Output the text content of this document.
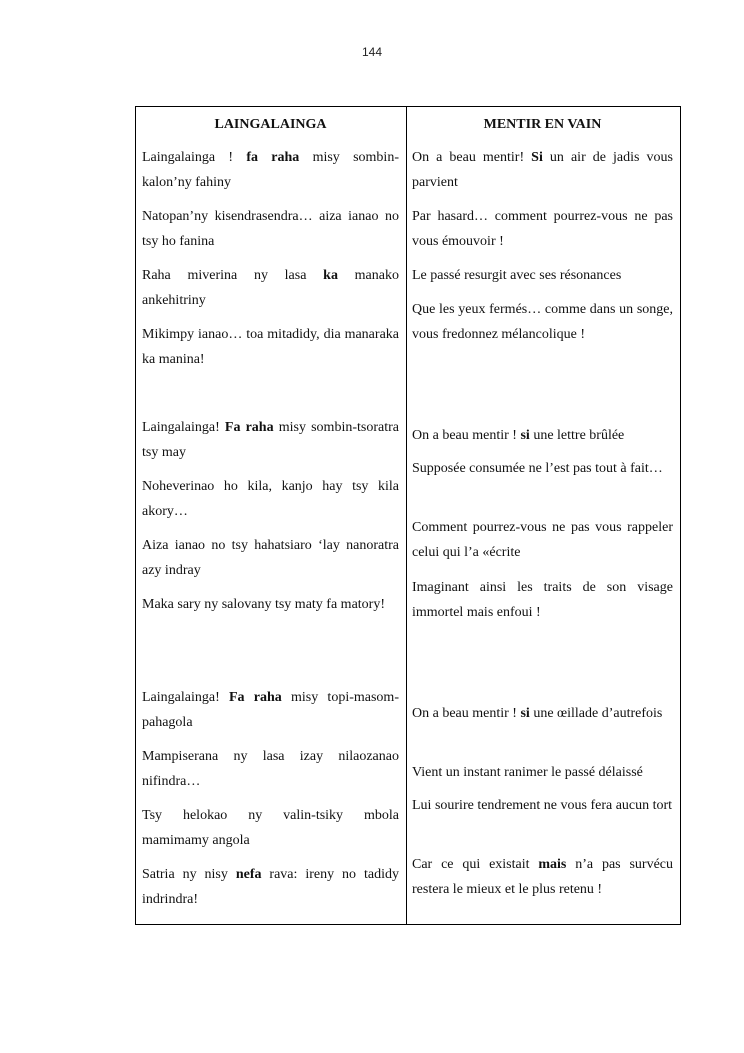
144
LAINGALAINGA

Laingalainga ! fa raha misy sombin-kalon’ny fahiny

Natopan’ny kisendrasendra… aiza ianao no tsy ho fanina

Raha miverina ny lasa ka manako ankehitriny

Mikimpy ianao… toa mitadidy, dia manaraka ka manina!

Laingalainga! Fa raha misy sombin-tsoratra tsy may

Noheverinao ho kila, kanjo hay tsy kila akory…

Aiza ianao no tsy hahatsiaro ‘lay nanoratra azy indray

Maka sary ny salovany tsy maty fa matory!

Laingalainga! Fa raha misy topi-masom-pahagola

Mampiserana ny lasa izay nilaozanao nifindra…

Tsy helokao ny valin-tsiky mbola mamimamy angola

Satria ny nisy nefa rava: ireny no tadidy indrindra!

MENTIR EN VAIN

On a beau mentir! Si un air de jadis vous parvient

Par hasard… comment pourrez-vous ne pas vous émouvoir !

Le passé resurgit avec ses résonances

Que les yeux fermés… comme dans un songe, vous fredonnez mélancolique !

On a beau mentir ! si une lettre brûlée

Supposée consumée ne l’est pas tout à fait…

Comment pourrez-vous ne pas vous rappeler celui qui l’a «écrite

Imaginant ainsi les traits de son visage immortel mais enfoui !

On a beau mentir ! si une œillade d’autrefois

Vient un instant ranimer le passé délaissé

Lui sourire tendrement ne vous fera aucun tort

Car ce qui existait mais n’a pas survécu restera le mieux et le plus retenu !
